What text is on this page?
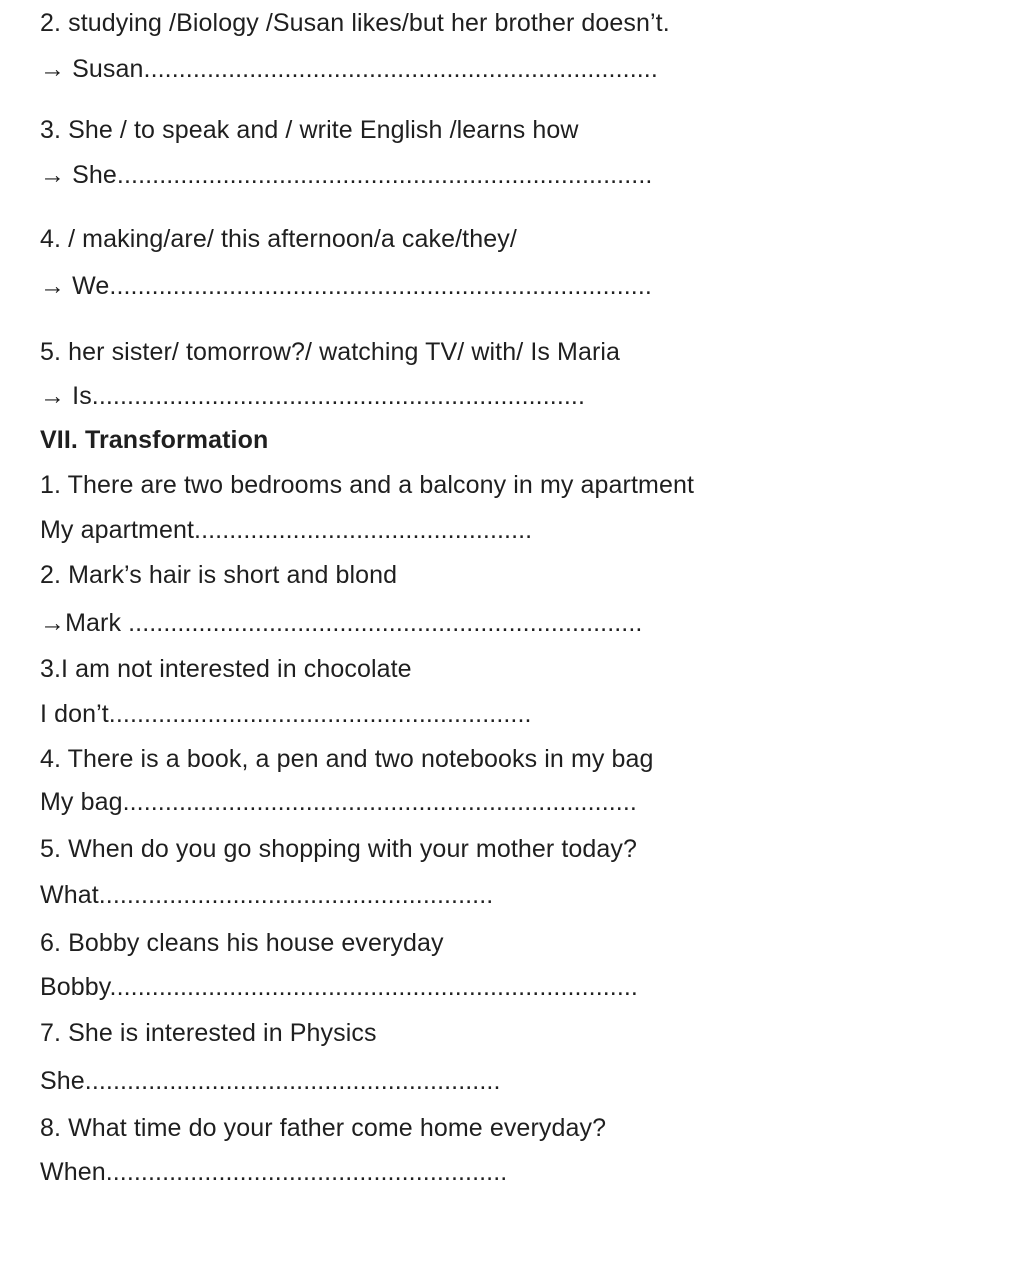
2. studying /Biology /Susan likes/but her brother doesn’t.
→ Susan.........................................................................
3. She / to speak and / write English /learns how
→ She............................................................................
4. / making/are/ this afternoon/a cake/they/
→ We.............................................................................
5. her sister/ tomorrow?/ watching TV/ with/ Is Maria
→ Is......................................................................
VII. Transformation
1. There are two bedrooms and a balcony in my apartment
My apartment................................................
2. Mark’s hair is short and blond
→Mark .........................................................................
3.I am not interested in chocolate
I don’t............................................................
4. There is a book, a pen and two notebooks in my bag
My bag.........................................................................
5. When do you go shopping with your mother today?
What........................................................
6. Bobby cleans his house everyday
Bobby...........................................................................
7. She is interested in Physics
She...........................................................
8. What time do your father come home everyday?
When.........................................................
